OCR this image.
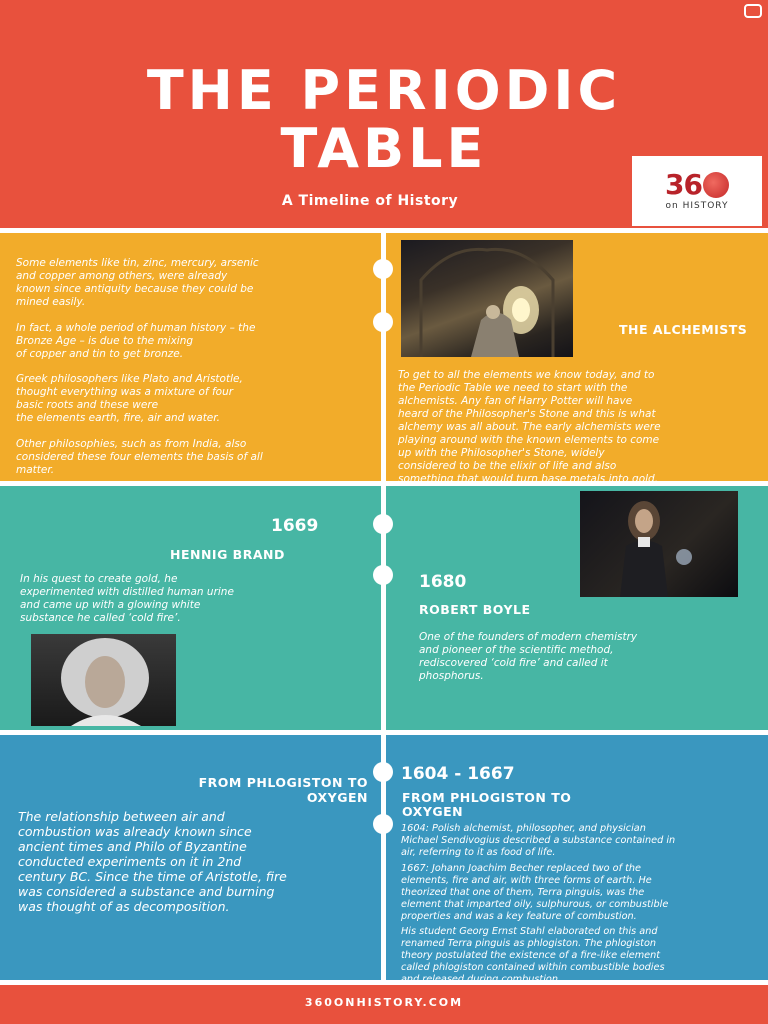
THE PERIODIC
TABLE
A Timeline of History	36
on HISTORY
Some elements like tin, zinc, mercury, arsenic
and copper among others, were already
known since antiquity because they could be
mined easily.
In fact, a whole period of human history – the
Bronze Age – is due to the mixing
of copper and tin to get bronze.
Greek philosophers like Plato and Aristotle,
thought everything was a mixture of four
basic roots and these were
the elements earth, fire, air and water.
Other philosophies, such as from India, also
considered these four elements the basis of all
matter.
THE ALCHEMISTS
To get to all the elements we know today, and to
the Periodic Table we need to start with the
alchemists. Any fan of Harry Potter will have
heard of the Philosopher's Stone and this is what
alchemy was all about. The early alchemists were
playing around with the known elements to come
up with the Philosopher's Stone, widely
considered to be the elixir of life and also
something that would turn base metals into gold.
1669
HENNIG BRAND
In his quest to create gold, he
experimented with distilled human urine
and came up with a glowing white
substance he called ‘cold fire’.
1680
ROBERT BOYLE
One of the founders of modern chemistry
and pioneer of the scientific method,
rediscovered ‘cold fire’ and called it
phosphorus.
FROM PHLOGISTON TO
OXYGEN
The relationship between air and
combustion was already known since
ancient times and Philo of Byzantine
conducted experiments on it in 2nd
century BC. Since the time of Aristotle, fire
was considered a substance and burning
was thought of as decomposition.
1604 - 1667
FROM PHLOGISTON TO
OXYGEN
1604: Polish alchemist, philosopher, and physician
Michael Sendivogius described a substance contained in
air, referring to it as food of life.
1667: Johann Joachim Becher replaced two of the
elements, fire and air, with three forms of earth. He
theorized that one of them, Terra pinguis, was the
element that imparted oily, sulphurous, or combustible
properties and was a key feature of combustion.
His student Georg Ernst Stahl elaborated on this and
renamed Terra pinguis as phlogiston. The phlogiston
theory postulated the existence of a fire-like element
called phlogiston contained within combustible bodies
and released during combustion.
360ONHISTORY.COM
